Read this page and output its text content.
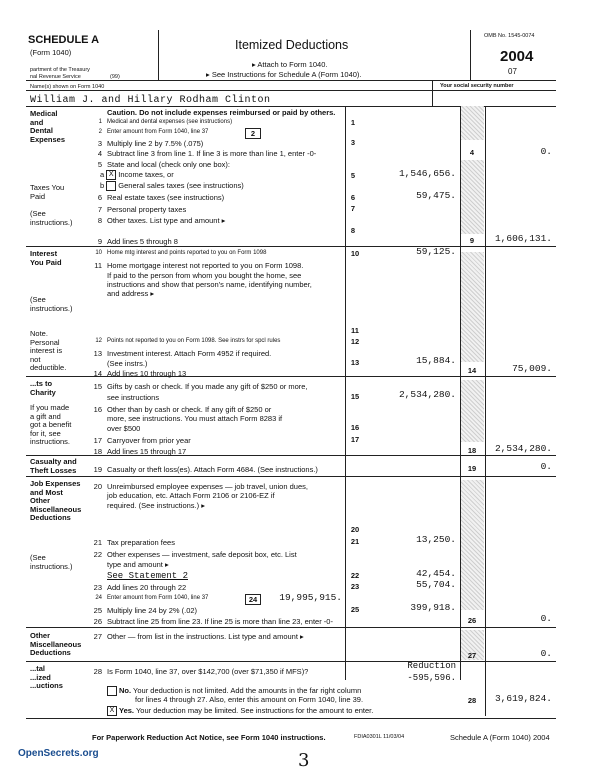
SCHEDULE A
(Form 1040)
Itemized Deductions
▸ Attach to Form 1040.
▸ See Instructions for Schedule A (Form 1040).
partment of the Treasury
nal Revenue Service	(99)
OMB No. 1545-0074
2004
07
Name(s) shown on Form 1040	Your social security number
William J. and Hillary Rodham Clinton
Medical
and
Dental
Expenses
Taxes You
Paid
(See
instructions.)
Interest
You Paid
(See
instructions.)
Note.
Personal
interest is
not
deductible.
...ts to
Charity
If you made
a gift and
got a benefit
for it, see
instructions.
Casualty and
Theft Losses
Job Expenses
and Most
Other
Miscellaneous
Deductions
(See
instructions.)
Other
Miscellaneous
Deductions
...tal
...ized
...uctions
Caution. Do not include expenses reimbursed or paid by others.
1 Medical and dental expenses (see instructions)	1
2 Enter amount from Form 1040, line 37	2
3 Multiply line 2 by 7.5% (.075)	3
4 Subtract line 3 from line 1. If line 3 is more than line 1, enter -0-	4	0.
5 State and local (check only one box):
a X Income taxes, or
b General sales taxes (see instructions)
5	1,546,656.
6 Real estate taxes (see instructions)	6	59,475.
7 Personal property taxes	7
8 Other taxes. List type and amount ▸
8
9 Add lines 5 through 8	9	1,606,131.
10 Home mtg interest and points reported to you on Form 1098	10	59,125.
11 Home mortgage interest not reported to you on Form 1098.
If paid to the person from whom you bought the home, see
instructions and show that person's name, identifying number,
and address ▸
11
12 Points not reported to you on Form 1098. See instrs for spcl rules	12
13 Investment interest. Attach Form 4952 if required.
(See instrs.)	13	15,884.
14 Add lines 10 through 13	14	75,009.
15 Gifts by cash or check. If you made any gift of $250 or more,
see instructions	15	2,534,280.
16 Other than by cash or check. If any gift of $250 or
more, see instructions. You must attach Form 8283 if
over $500	16
17 Carryover from prior year	17
18 Add lines 15 through 17	18	2,534,280.
19 Casualty or theft loss(es). Attach Form 4684. (See instructions.)	19	0.
20 Unreimbursed employee expenses — job travel, union dues,
job education, etc. Attach Form 2106 or 2106-EZ if
required. (See instructions.) ▸
20
21 Tax preparation fees	21	13,250.
22 Other expenses — investment, safe deposit box, etc. List
type and amount ▸
See Statement 2	22	42,454.
23 Add lines 20 through 22	23	55,704.
24 Enter amount from Form 1040, line 37	24	19,995,915.
25 Multiply line 24 by 2% (.02)	25	399,918.
26 Subtract line 25 from line 23. If line 25 is more than line 23, enter -0-	26	0.
27 Other — from list in the instructions. List type and amount ▸
27	0.
28 Is Form 1040, line 37, over $142,700 (over $71,350 if MFS)?
Reduction
-595,596.
No. Your deduction is not limited. Add the amounts in the far right column
for lines 4 through 27. Also, enter this amount on Form 1040, line 39.
X Yes. Your deduction may be limited. See instructions for the amount to enter.
28	3,619,824.
For Paperwork Reduction Act Notice, see Form 1040 instructions.	FDIA0301L 11/03/04	Schedule A (Form 1040) 2004
OpenSecrets.org	3
